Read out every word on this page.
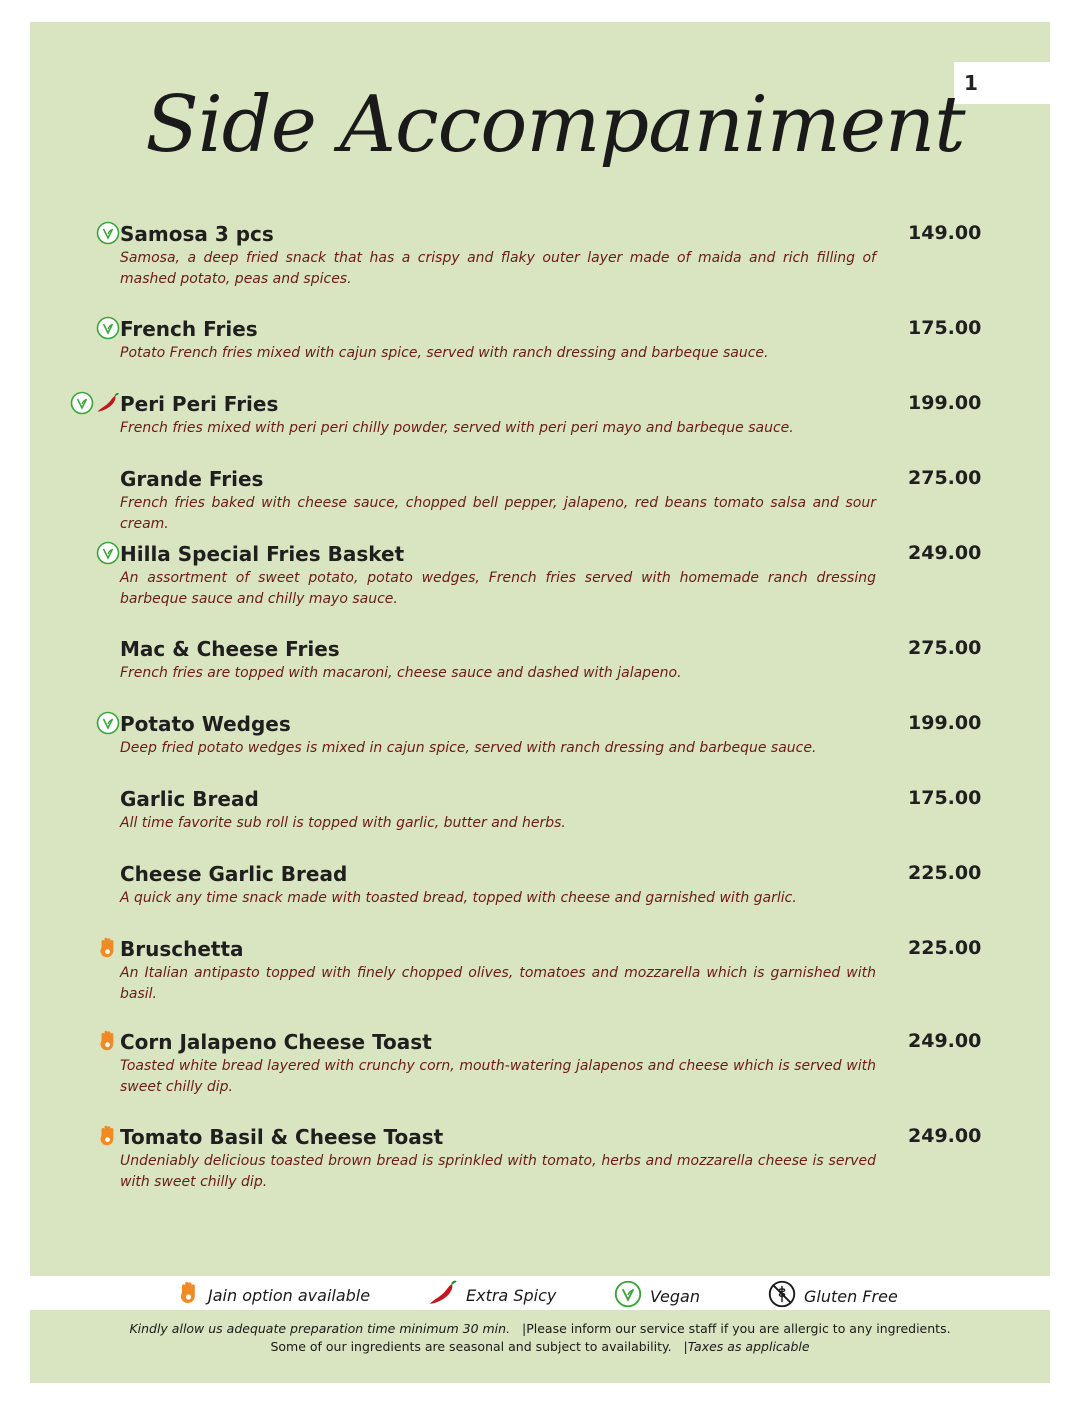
1
Side Accompaniment
Samosa 3 pcs	149.00
Samosa, a deep fried snack that has a crispy and flaky outer layer made of maida and rich filling of mashed potato, peas and spices.
French Fries	175.00
Potato French fries mixed with cajun spice, served with ranch dressing and barbeque sauce.
Peri Peri Fries	199.00
French fries mixed with peri peri chilly powder, served with peri peri mayo and barbeque sauce.
Grande Fries	275.00
French fries baked with cheese sauce, chopped bell pepper, jalapeno, red beans tomato salsa and sour cream.
Hilla Special Fries Basket	249.00
An assortment of sweet potato, potato wedges, French fries served with homemade ranch dressing barbeque sauce and chilly mayo sauce.
Mac & Cheese Fries	275.00
French fries are topped with macaroni, cheese sauce and dashed with jalapeno.
Potato Wedges	199.00
Deep fried potato wedges is mixed in cajun spice, served with ranch dressing and barbeque sauce.
Garlic Bread	175.00
All time favorite sub roll is topped with garlic, butter and herbs.
Cheese Garlic Bread	225.00
A quick any time snack made with toasted bread, topped with cheese and garnished with garlic.
Bruschetta	225.00
An Italian antipasto topped with finely chopped olives, tomatoes and mozzarella which is garnished with basil.
Corn Jalapeno Cheese Toast	249.00
Toasted white bread layered with crunchy corn, mouth-watering jalapenos and cheese which is served with sweet chilly dip.
Tomato Basil & Cheese Toast	249.00
Undeniably delicious toasted brown bread is sprinkled with tomato, herbs and mozzarella cheese is served with sweet chilly dip.
Jain option available	Extra Spicy	Vegan	Gluten Free
Kindly allow us adequate preparation time minimum 30 min.   |Please inform our service staff if you are allergic to any ingredients.
Some of our ingredients are seasonal and subject to availability.   |Taxes as applicable
